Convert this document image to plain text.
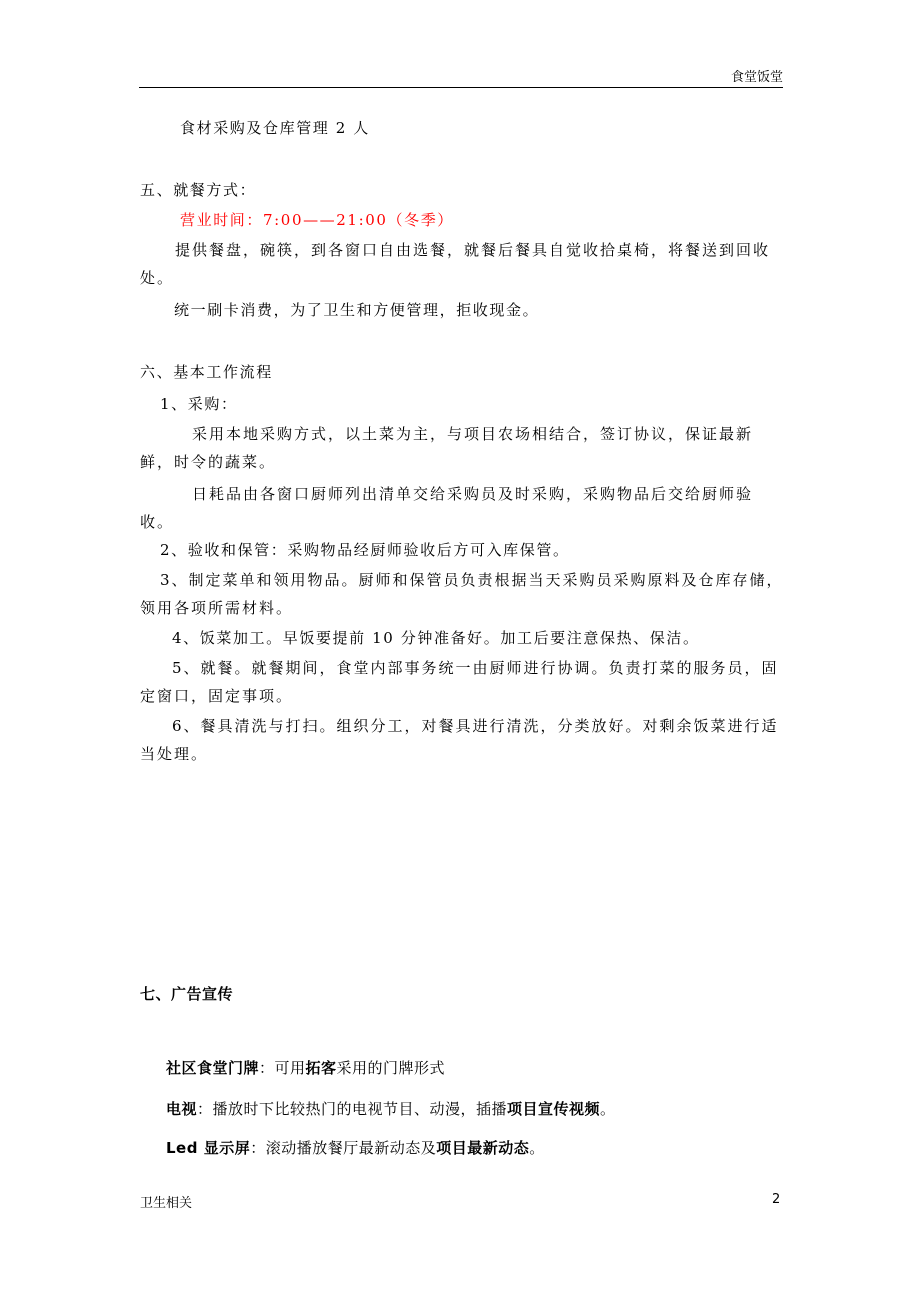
食堂饭堂
食材采购及仓库管理 2 人
五、就餐方式：
营业时间：7:00——21:00（冬季）
提供餐盘，碗筷，到各窗口自由选餐，就餐后餐具自觉收拾桌椅，将餐送到回收处。
统一刷卡消费，为了卫生和方便管理，拒收现金。
六、基本工作流程
1、采购：
采用本地采购方式，以土菜为主，与项目农场相结合，签订协议，保证最新鲜，时令的蔬菜。
日耗品由各窗口厨师列出清单交给采购员及时采购，采购物品后交给厨师验收。
2、验收和保管：采购物品经厨师验收后方可入库保管。
3、制定菜单和领用物品。厨师和保管员负责根据当天采购员采购原料及仓库存储，领用各项所需材料。
4、饭菜加工。早饭要提前 10 分钟准备好。加工后要注意保热、保洁。
5、就餐。就餐期间，食堂内部事务统一由厨师进行协调。负责打菜的服务员，固定窗口，固定事项。
6、餐具清洗与打扫。组织分工，对餐具进行清洗，分类放好。对剩余饭菜进行适当处理。
七、广告宣传
社区食堂门牌：可用拓客采用的门牌形式
电视：播放时下比较热门的电视节目、动漫，插播项目宣传视频。
Led 显示屏：滚动播放餐厅最新动态及项目最新动态。
卫生相关	2
